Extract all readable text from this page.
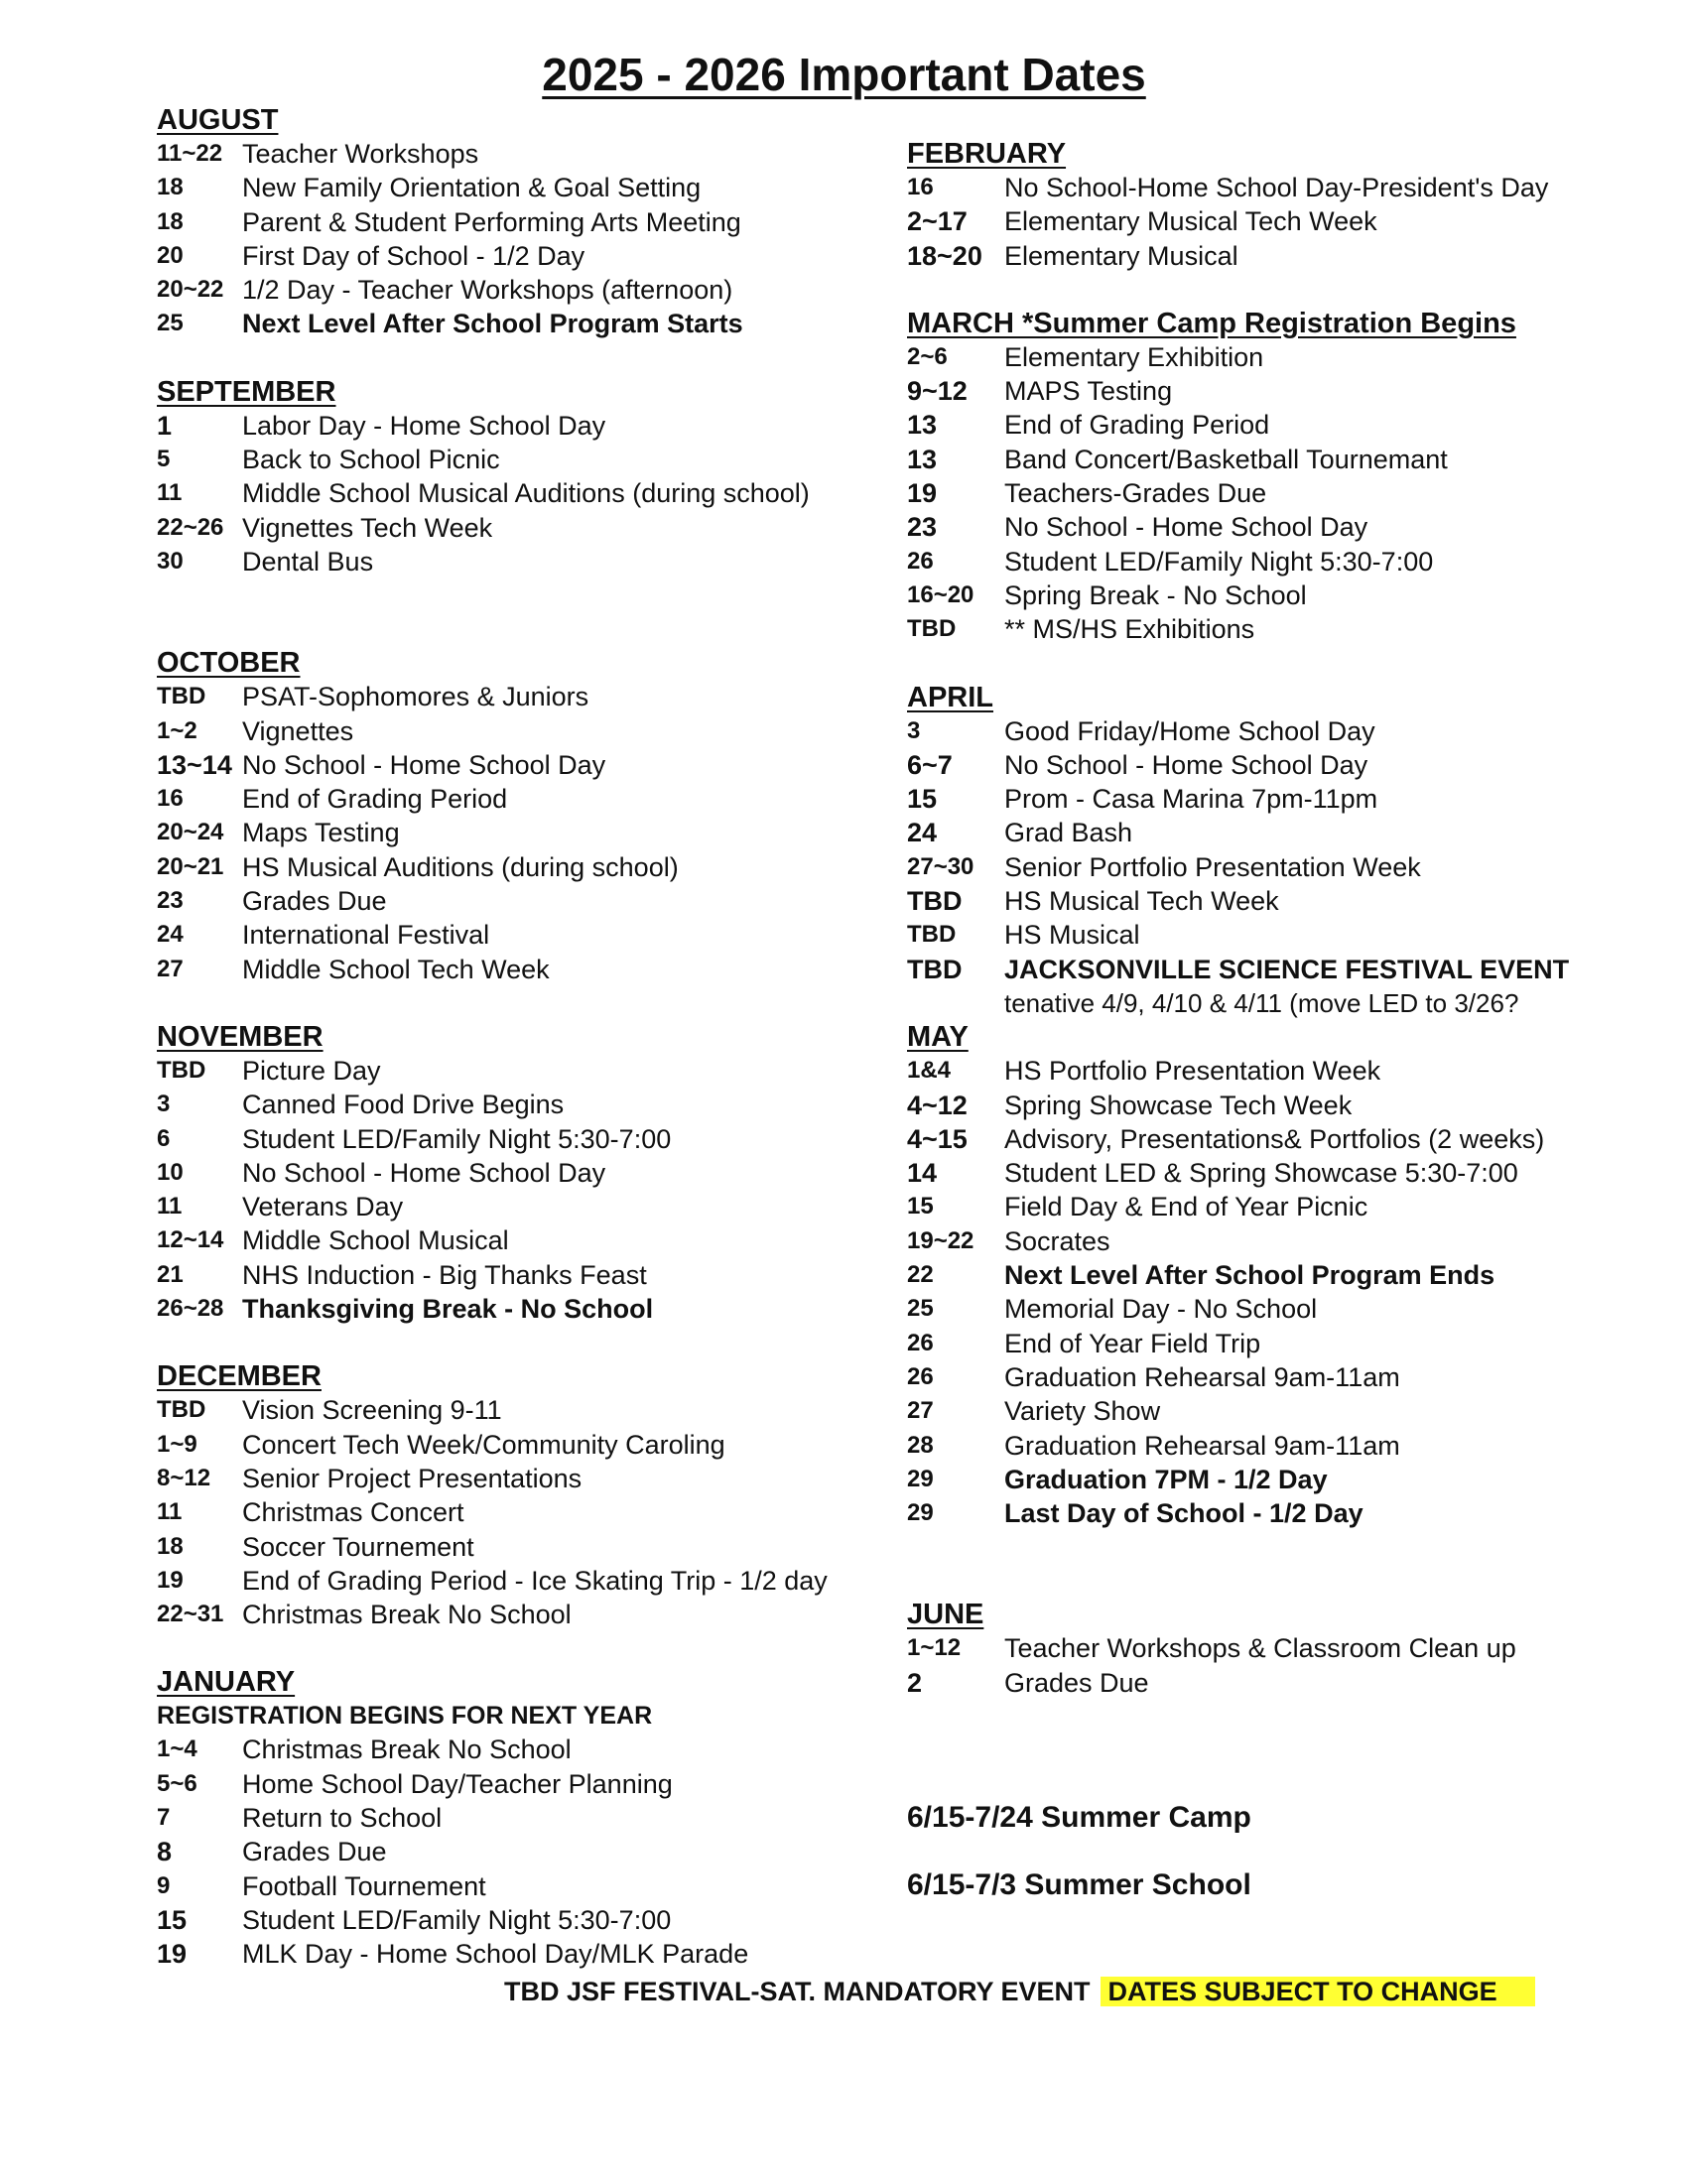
2025 - 2026 Important Dates
AUGUST
11~22 Teacher Workshops
18	New Family Orientation & Goal Setting
18	Parent & Student Performing Arts Meeting
20	First Day of School - 1/2 Day
20~22 1/2 Day - Teacher Workshops (afternoon)
25	Next Level After School Program Starts
SEPTEMBER
1	Labor Day - Home School Day
5	Back to School Picnic
11	Middle School Musical Auditions (during school)
22~26 Vignettes Tech Week
30	Dental Bus
OCTOBER
TBD	PSAT-Sophomores & Juniors
1~2	Vignettes
13~14 No School - Home School Day
16	End of Grading Period
20~24 Maps Testing
20~21 HS Musical Auditions (during school)
23	Grades Due
24	International Festival
27	Middle School Tech Week
NOVEMBER
TBD	Picture Day
3	Canned Food Drive Begins
6	Student LED/Family Night 5:30-7:00
10	No School - Home School Day
11	Veterans Day
12~14 Middle School Musical
21	NHS Induction - Big Thanks Feast
26~28 Thanksgiving Break - No School
DECEMBER
TBD	Vision Screening 9-11
1~9	Concert Tech Week/Community Caroling
8~12	Senior Project Presentations
11	Christmas Concert
18	Soccer Tournement
19	End of Grading Period - Ice Skating Trip - 1/2 day
22~31 Christmas Break No School
JANUARY
REGISTRATION BEGINS FOR NEXT YEAR
1~4	Christmas Break No School
5~6	Home School Day/Teacher Planning
7	Return to School
8	Grades Due
9	Football Tournement
15	Student LED/Family Night 5:30-7:00
19	MLK Day - Home School Day/MLK Parade
FEBRUARY
16	No School-Home School Day-President's Day
2~17	Elementary Musical Tech Week
18~20 Elementary Musical
MARCH *Summer Camp Registration Begins
2~6	Elementary Exhibition
9~12	MAPS Testing
13	End of Grading Period
13	Band Concert/Basketball Tournemant
19	Teachers-Grades Due
23	No School - Home School Day
26	Student LED/Family Night 5:30-7:00
16~20	Spring Break - No School
TBD	** MS/HS Exhibitions
APRIL
3	Good Friday/Home School Day
6~7	No School - Home School Day
15	Prom - Casa Marina 7pm-11pm
24	Grad Bash
27~30	Senior Portfolio Presentation Week
TBD	HS Musical Tech Week
TBD	HS Musical
TBD	JACKSONVILLE SCIENCE FESTIVAL EVENT
tenative 4/9, 4/10 & 4/11 (move LED to 3/26?
MAY
1&4	HS Portfolio Presentation Week
4~12	Spring Showcase Tech Week
4~15	Advisory, Presentations& Portfolios (2 weeks)
14	Student LED & Spring Showcase 5:30-7:00
15	Field Day & End of Year Picnic
19~22	Socrates
22	Next Level After School Program Ends
25	Memorial Day - No School
26	End of Year Field Trip
26	Graduation Rehearsal 9am-11am
27	Variety Show
28	Graduation Rehearsal 9am-11am
29	Graduation 7PM - 1/2 Day
29	Last Day of School - 1/2 Day
JUNE
1~12	Teacher Workshops & Classroom Clean up
2	Grades Due
6/15-7/24 Summer Camp
6/15-7/3 Summer School
TBD JSF FESTIVAL-SAT. MANDATORY EVENT DATES SUBJECT TO CHANGE
